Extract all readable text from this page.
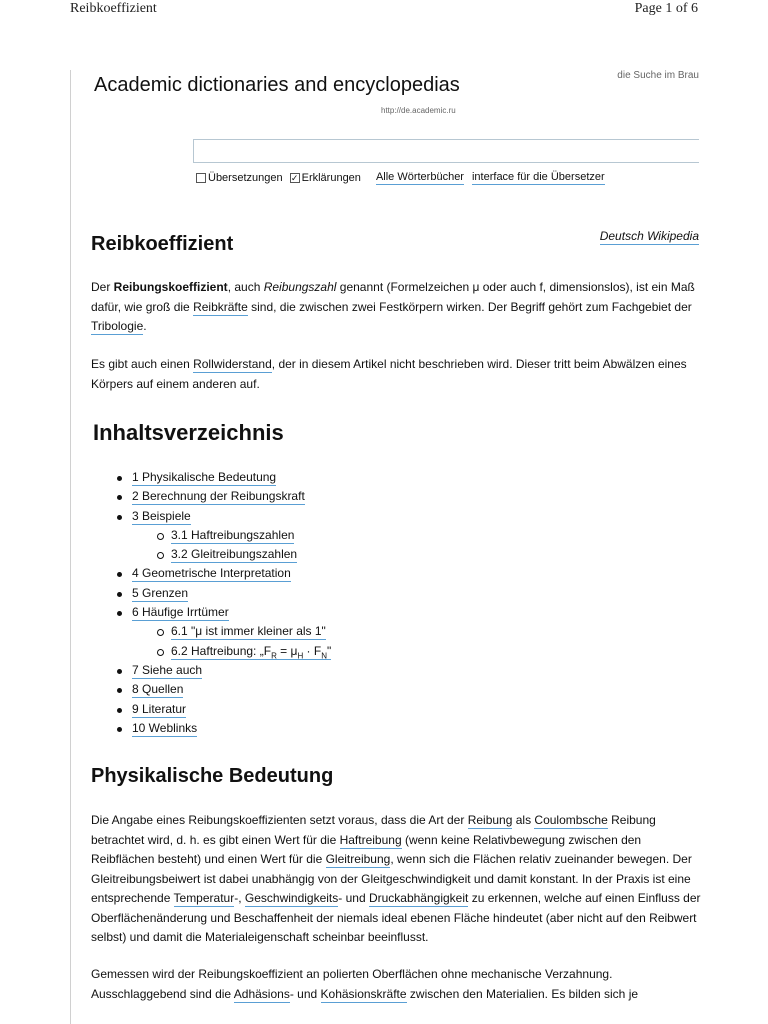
Reibkoeffizient	Page 1 of 6
Academic dictionaries and encyclopedias	die Suche im Brau
http://de.academic.ru
Übersetzungen ✓ Erklärungen Alle Wörterbücher interface für die Übersetzer
Deutsch Wikipedia
Reibkoeffizient

Der Reibungskoeffizient, auch Reibungszahl genannt (Formelzeichen μ oder auch f, dimensionslos), ist ein Maß dafür, wie groß die Reibkräfte sind, die zwischen zwei Festkörpern wirken. Der Begriff gehört zum Fachgebiet der Tribologie.

Es gibt auch einen Rollwiderstand, der in diesem Artikel nicht beschrieben wird. Dieser tritt beim Abwälzen eines Körpers auf einem anderen auf.

Inhaltsverzeichnis
1 Physikalische Bedeutung
2 Berechnung der Reibungskraft
3 Beispiele
3.1 Haftreibungszahlen
3.2 Gleitreibungszahlen
4 Geometrische Interpretation
5 Grenzen
6 Häufige Irrtümer
6.1 "μ ist immer kleiner als 1"
6.2 Haftreibung: $„F_R = \mu_H \cdot F_N$"
7 Siehe auch
8 Quellen
9 Literatur
10 Weblinks
Physikalische Bedeutung

Die Angabe eines Reibungskoeffizienten setzt voraus, dass die Art der Reibung als Coulombsche Reibung betrachtet wird, d. h. es gibt einen Wert für die Haftreibung (wenn keine Relativbewegung zwischen den Reibflächen besteht) und einen Wert für die Gleitreibung, wenn sich die Flächen relativ zueinander bewegen. Der Gleitreibungsbeiwert ist dabei unabhängig von der Gleitgeschwindigkeit und damit konstant. In der Praxis ist eine entsprechende Temperatur-, Geschwindigkeits- und Druckabhängigkeit zu erkennen, welche auf einen Einfluss der Oberflächenänderung und Beschaffenheit der niemals ideal ebenen Fläche hindeutet (aber nicht auf den Reibwert selbst) und damit die Materialeigenschaft scheinbar beeinflusst.

Gemessen wird der Reibungskoeffizient an polierten Oberflächen ohne mechanische Verzahnung. Ausschlaggebend sind die Adhäsions- und Kohäsionskräfte zwischen den Materialien. Es bilden sich je
